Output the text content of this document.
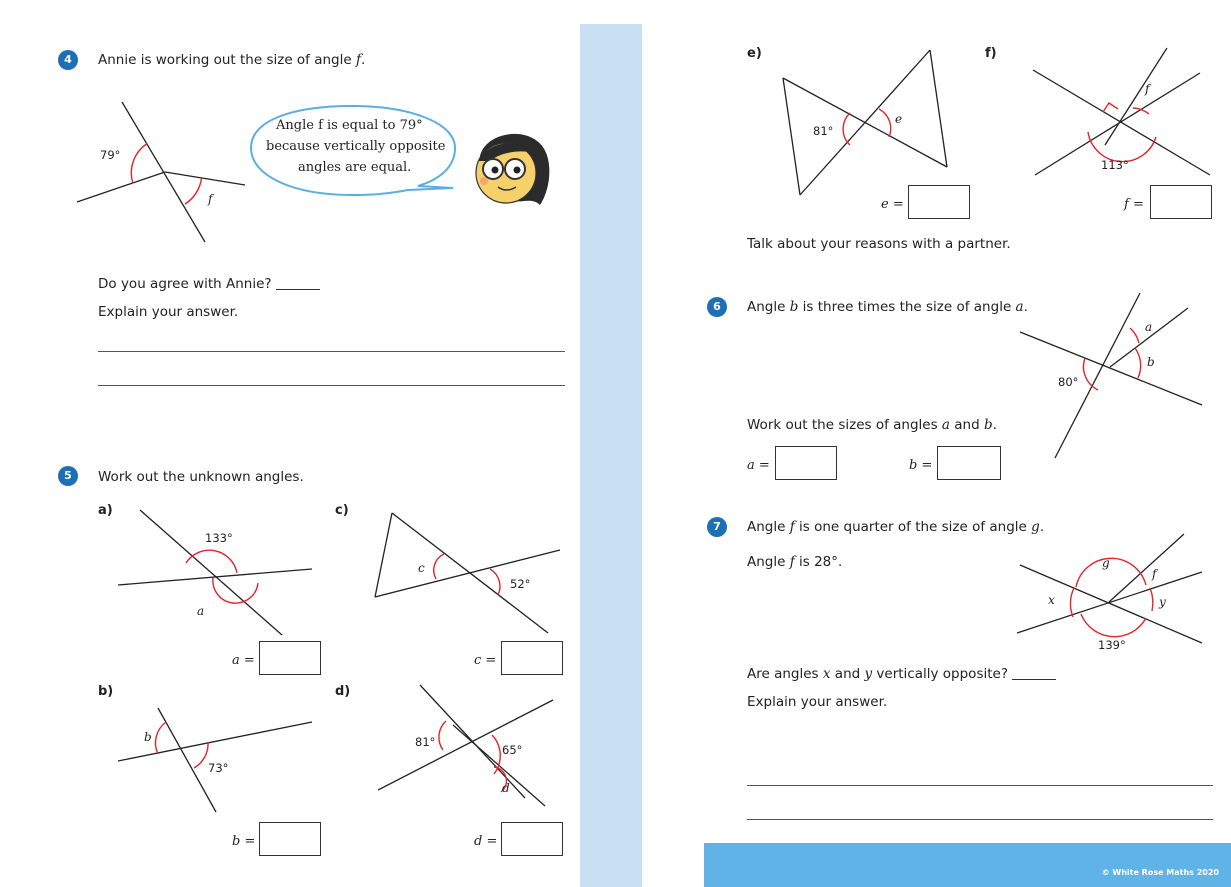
4	Annie is working out the size of angle f.
79°
f
Angle f is equal to 79°
because vertically opposite
angles are equal.
Do you agree with Annie?
Explain your answer.
5	Work out the unknown angles.
a)
133°
a
a =
c)
c
52°
c =
b)
b
73°
b =
d)
81°
65°
d
d =
e)
81°
e
e =
f)
f
113°
f =
Talk about your reasons with a partner.
6	Angle b is three times the size of angle a.
80°
a
b
Work out the sizes of angles a and b.
a =	b =
7	Angle f is one quarter of the size of angle g.
Angle f is 28°.	g
f
x	y
139°
Are angles x and y vertically opposite?
Explain your answer.
© White Rose Maths 2020
